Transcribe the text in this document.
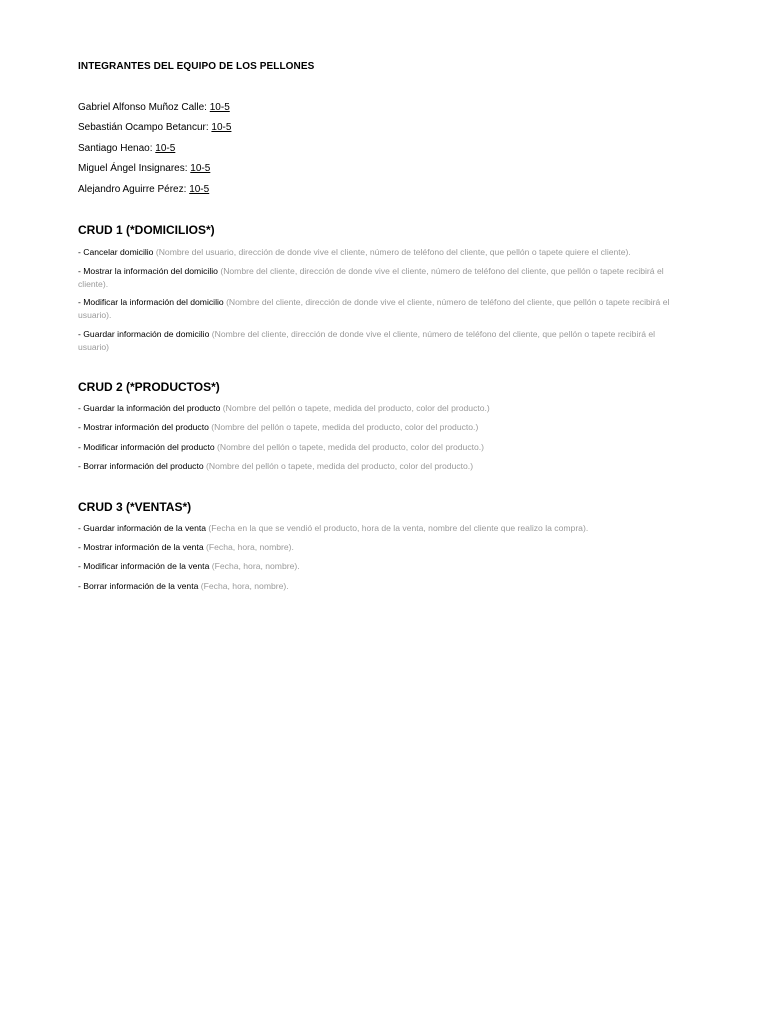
INTEGRANTES DEL EQUIPO DE LOS PELLONES
Gabriel Alfonso Muñoz Calle: 10-5
Sebastián Ocampo Betancur: 10-5
Santiago Henao: 10-5
Miguel Ángel Insignares: 10-5
Alejandro Aguirre Pérez: 10-5
CRUD 1 (*DOMICILIOS*)
- Cancelar domicilio (Nombre del usuario, dirección de donde vive el cliente, número de teléfono del cliente, que pellón o tapete quiere el cliente).
- Mostrar la información del domicilio (Nombre del cliente, dirección de donde vive el cliente, número de teléfono del cliente, que pellón o tapete recibirá el cliente).
- Modificar la información del domicilio (Nombre del cliente, dirección de donde vive el cliente, número de teléfono del cliente, que pellón o tapete recibirá el usuario).
- Guardar información de domicilio (Nombre del cliente, dirección de donde vive el cliente, número de teléfono del cliente, que pellón o tapete recibirá el usuario)
CRUD 2 (*PRODUCTOS*)
- Guardar la información del producto (Nombre del pellón o tapete, medida del producto, color del producto.)
- Mostrar información del producto (Nombre del pellón o tapete, medida del producto, color del producto.)
- Modificar información del producto (Nombre del pellón o tapete, medida del producto, color del producto.)
- Borrar información del producto (Nombre del pellón o tapete, medida del producto, color del producto.)
CRUD 3 (*VENTAS*)
- Guardar información de la venta (Fecha en la que se vendió el producto, hora de la venta, nombre del cliente que realizo la compra).
- Mostrar información de la venta (Fecha, hora, nombre).
- Modificar información de la venta (Fecha, hora, nombre).
- Borrar información de la venta (Fecha, hora, nombre).
